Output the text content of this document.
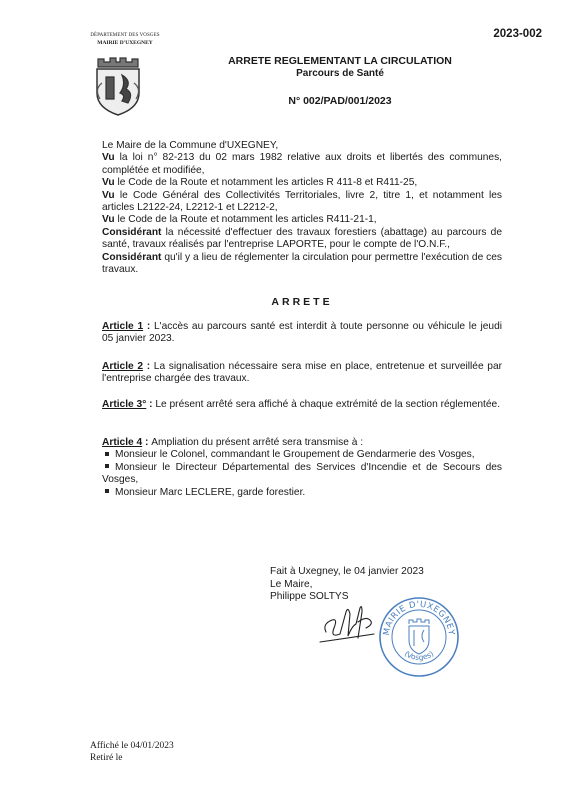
2023-002
DÉPARTEMENT DES VOSGES
MAIRIE D'UXEGNEY
ARRETE REGLEMENTANT LA CIRCULATION
Parcours de Santé
N° 002/PAD/001/2023

Le Maire de la Commune d'UXEGNEY,

Vu la loi n° 82-213 du 02 mars 1982 relative aux droits et libertés des communes, complétée et modifiée,

Vu le Code de la Route et notamment les articles R 411-8 et R411-25,

Vu le Code Général des Collectivités Territoriales, livre 2, titre 1, et notamment les articles L2122-24, L2212-1 et L2212-2,

Vu le Code de la Route et notamment les articles R411-21-1,

Considérant la nécessité d'effectuer des travaux forestiers (abattage) au parcours de santé, travaux réalisés par l'entreprise LAPORTE, pour le compte de l'O.N.F.,

Considérant qu'il y a lieu de réglementer la circulation pour permettre l'exécution de ces travaux.

ARRETE

Article 1 : L'accès au parcours santé est interdit à toute personne ou véhicule le jeudi 05 janvier 2023.

Article 2 : La signalisation nécessaire sera mise en place, entretenue et surveillée par l'entreprise chargée des travaux.

Article 3° : Le présent arrêté sera affiché à chaque extrémité de la section réglementée.

Article 4 : Ampliation du présent arrêté sera transmise à :

Monsieur le Colonel, commandant le Groupement de Gendarmerie des Vosges,

Monsieur le Directeur Départemental des Services d'Incendie et de Secours des Vosges,

Monsieur Marc LECLERE, garde forestier.

Fait à Uxegney, le 04 janvier 2023
Le Maire,
Philippe SOLTYS
MAIRIE D'UXEGNEY
(Vosges)
Affiché le 04/01/2023
Retiré le
